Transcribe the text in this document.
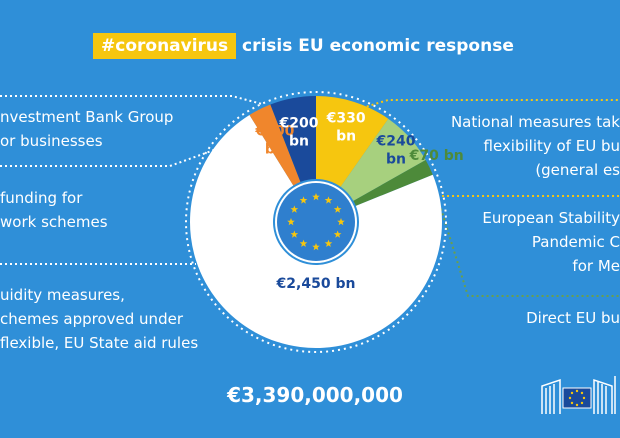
#coronavirus crisis EU economic response
€330 bn	€240 bn €70 bn
€2,450 bn
€100 bn
€200 bn
nvestment Bank Group
or businesses
funding for
work schemes
uidity measures,
chemes approved under
flexible, EU State aid rules
National measures tak
flexibility of EU bu
(general es
European Stability
Pandemic C
for Me
Direct EU bu
€3,390,000,000
